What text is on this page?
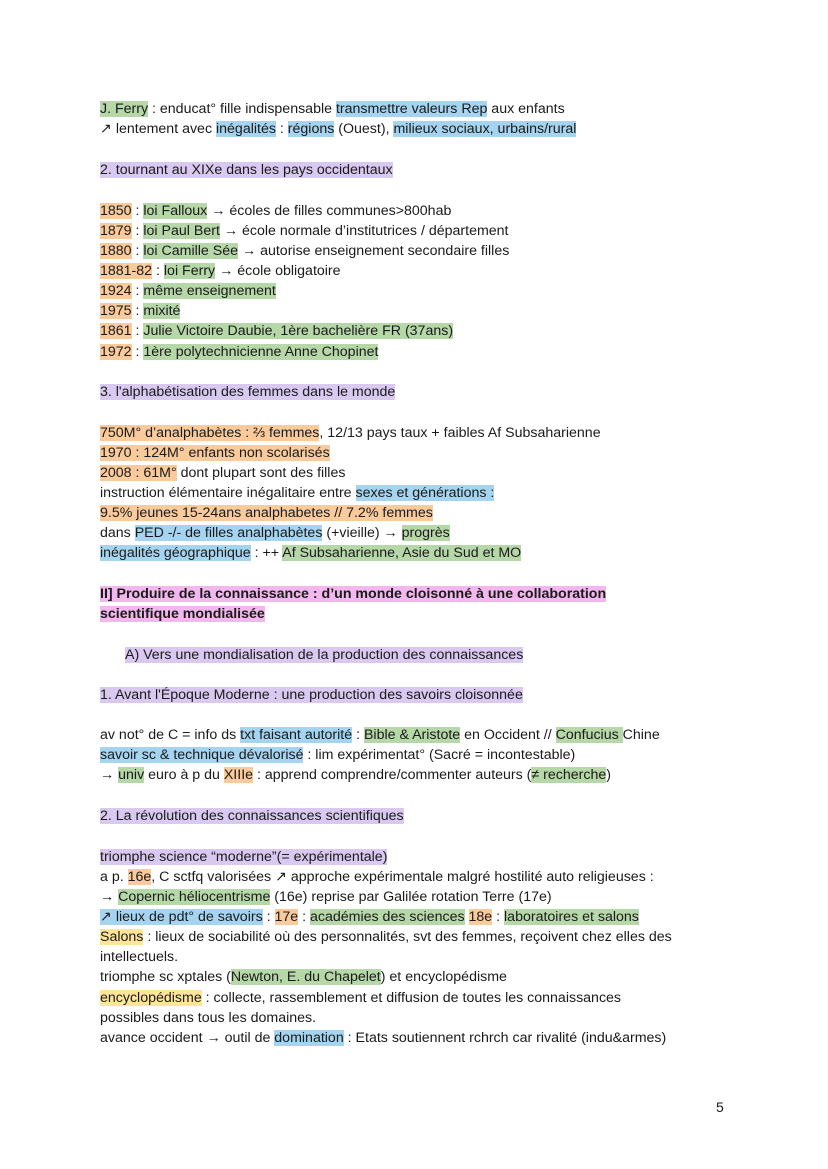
J. Ferry : enducat° fille indispensable transmettre valeurs Rep aux enfants
↗ lentement avec inégalités : régions (Ouest), milieux sociaux, urbains/rural
2. tournant au XIXe dans les pays occidentaux
1850 : loi Falloux → écoles de filles communes>800hab
1879 : loi Paul Bert → école normale d’institutrices / département
1880 : loi Camille Sée → autorise enseignement secondaire filles
1881-82 : loi Ferry → école obligatoire
1924 : même enseignement
1975 : mixité
1861 : Julie Victoire Daubie, 1ère bachelière FR (37ans)
1972 : 1ère polytechnicienne Anne Chopinet
3. l'alphabétisation des femmes dans le monde
750M° d’analphabètes : ⅔ femmes, 12/13 pays taux + faibles Af Subsaharienne
1970 : 124M° enfants non scolarisés
2008 : 61M° dont plupart sont des filles
instruction élémentaire inégalitaire entre sexes et générations :
9.5% jeunes 15-24ans analphabetes // 7.2% femmes
dans PED -/- de filles analphabètes (+vieille) → progrès
inégalités géographique : ++ Af Subsaharienne, Asie du Sud et MO
II] Produire de la connaissance : d’un monde cloisonné à une collaboration
scientifique mondialisée
A) Vers une mondialisation de la production des connaissances
1. Avant l'Époque Moderne : une production des savoirs cloisonnée
av not° de C = info ds txt faisant autorité : Bible & Aristote en Occident // Confucius Chine
savoir sc & technique dévalorisé : lim expérimentat° (Sacré = incontestable)
→ univ euro à p du XIIIe : apprend comprendre/commenter auteurs (≠ recherche)
2. La révolution des connaissances scientifiques
triomphe science “moderne”(= expérimentale)
a p. 16e, C sctfq valorisées ↗ approche expérimentale malgré hostilité auto religieuses :
→ Copernic héliocentrisme (16e) reprise par Galilée rotation Terre (17e)
↗ lieux de pdt° de savoirs : 17e : académies des sciences 18e : laboratoires et salons
Salons : lieux de sociabilité où des personnalités, svt des femmes, reçoivent chez elles des
intellectuels.
triomphe sc xptales (Newton, E. du Chapelet) et encyclopédisme
encyclopédisme : collecte, rassemblement et diffusion de toutes les connaissances
possibles dans tous les domaines.
avance occident → outil de domination : Etats soutiennent rchrch car rivalité (indu&armes)
5
